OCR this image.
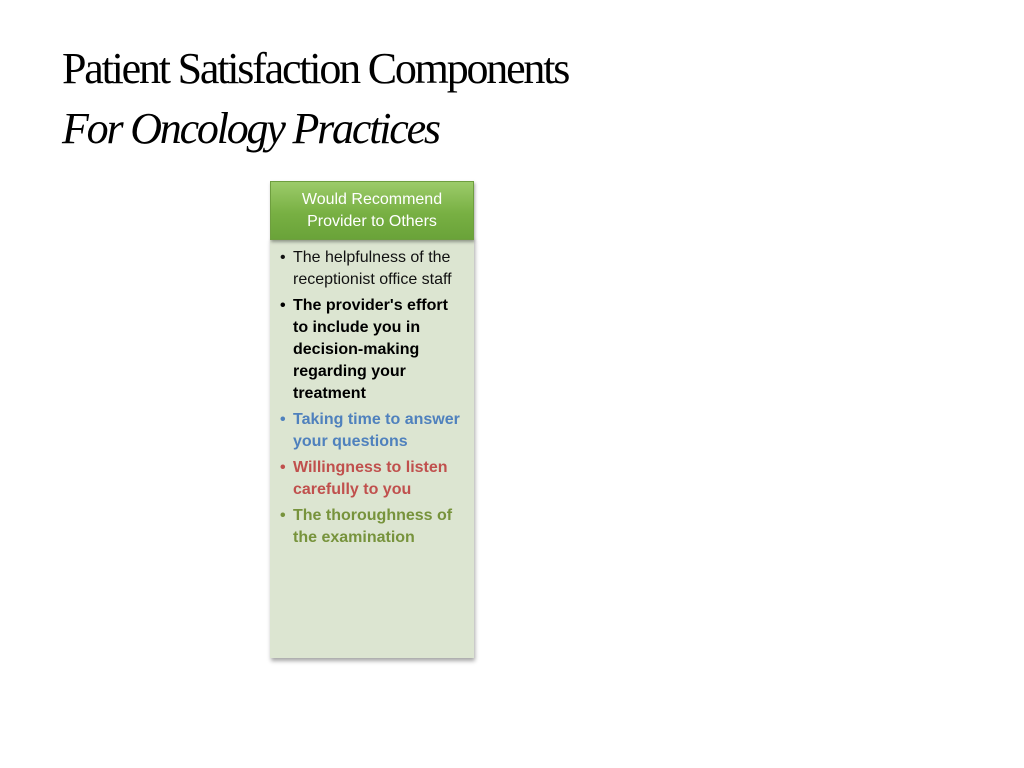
Patient Satisfaction Components
For Oncology Practices
Would Recommend Provider to Others
• The helpfulness of the receptionist office staff
• The provider's effort to include you in decision-making regarding your treatment
• Taking time to answer your questions
• Willingness to listen carefully to you
• The thoroughness of the examination
